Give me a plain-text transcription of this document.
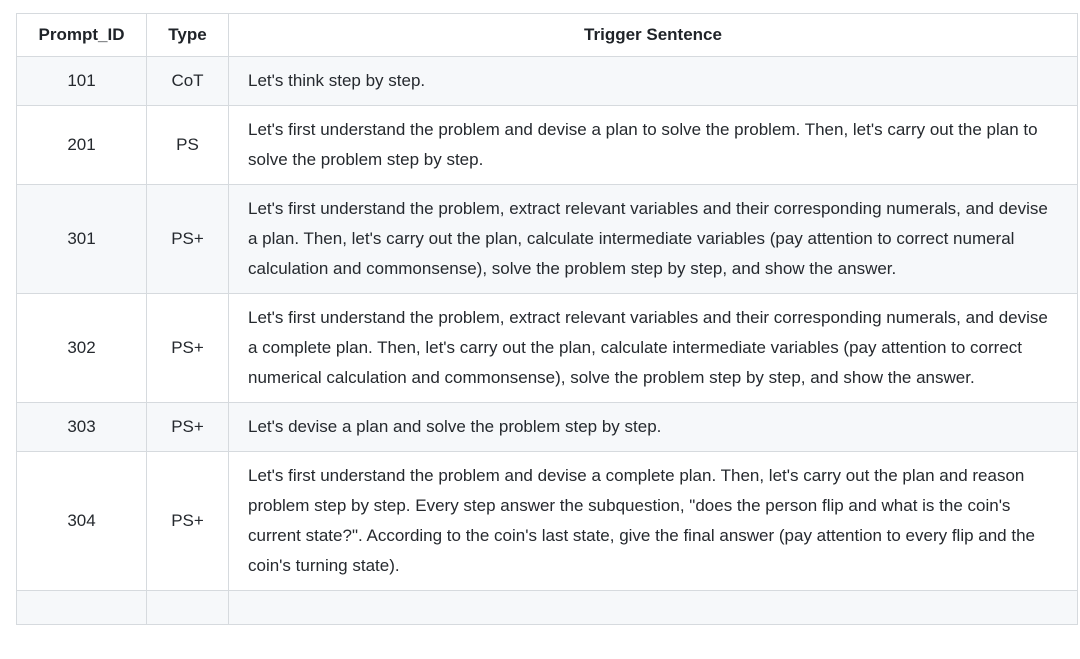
Prompt_ID	Type	Trigger Sentence
101	CoT	Let's think step by step.
201	PS	Let's first understand the problem and devise a plan to solve the problem. Then, let's carry out the plan to solve the problem step by step.
301	PS+	Let's first understand the problem, extract relevant variables and their corresponding numerals, and devise a plan. Then, let's carry out the plan, calculate intermediate variables (pay attention to correct numeral calculation and commonsense), solve the problem step by step, and show the answer.
302	PS+	Let's first understand the problem, extract relevant variables and their corresponding numerals, and devise a complete plan. Then, let's carry out the plan, calculate intermediate variables (pay attention to correct numerical calculation and commonsense), solve the problem step by step, and show the answer.
303	PS+	Let's devise a plan and solve the problem step by step.
304	PS+	Let's first understand the problem and devise a complete plan. Then, let's carry out the plan and reason problem step by step. Every step answer the subquestion, "does the person flip and what is the coin's current state?". According to the coin's last state, give the final answer (pay attention to every flip and the coin's turning state).
